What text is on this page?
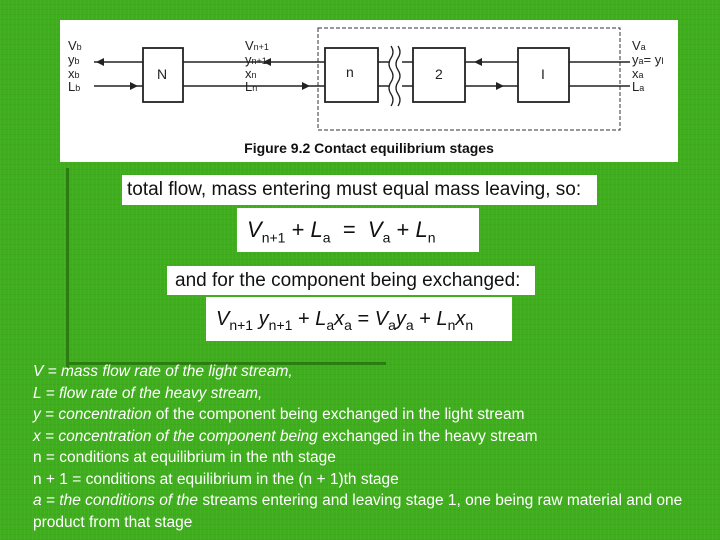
N	n	2	I
Vb
yb
xb
Lb
Vn+1
yn+1
xn
Ln
Va
ya= yI
xa
La
Figure 9.2 Contact equilibrium stages
total flow, mass entering must equal mass leaving, so:
$V_{n+1} + L_a = V_a + L_n$
and for the component being exchanged:
$V_{n+1}$ $y_{n+1} + L_ax_a = V_ay_a + L_nx_n$
V = mass flow rate of the light stream,
L = flow rate of the heavy stream,
y = concentration of the component being exchanged in the light stream
x = concentration of the component being exchanged in the heavy stream
n = conditions at equilibrium in the nth stage
n + 1 = conditions at equilibrium in the (n + 1)th stage
a = the conditions of the streams entering and leaving stage 1, one being raw material and one product from that stage
